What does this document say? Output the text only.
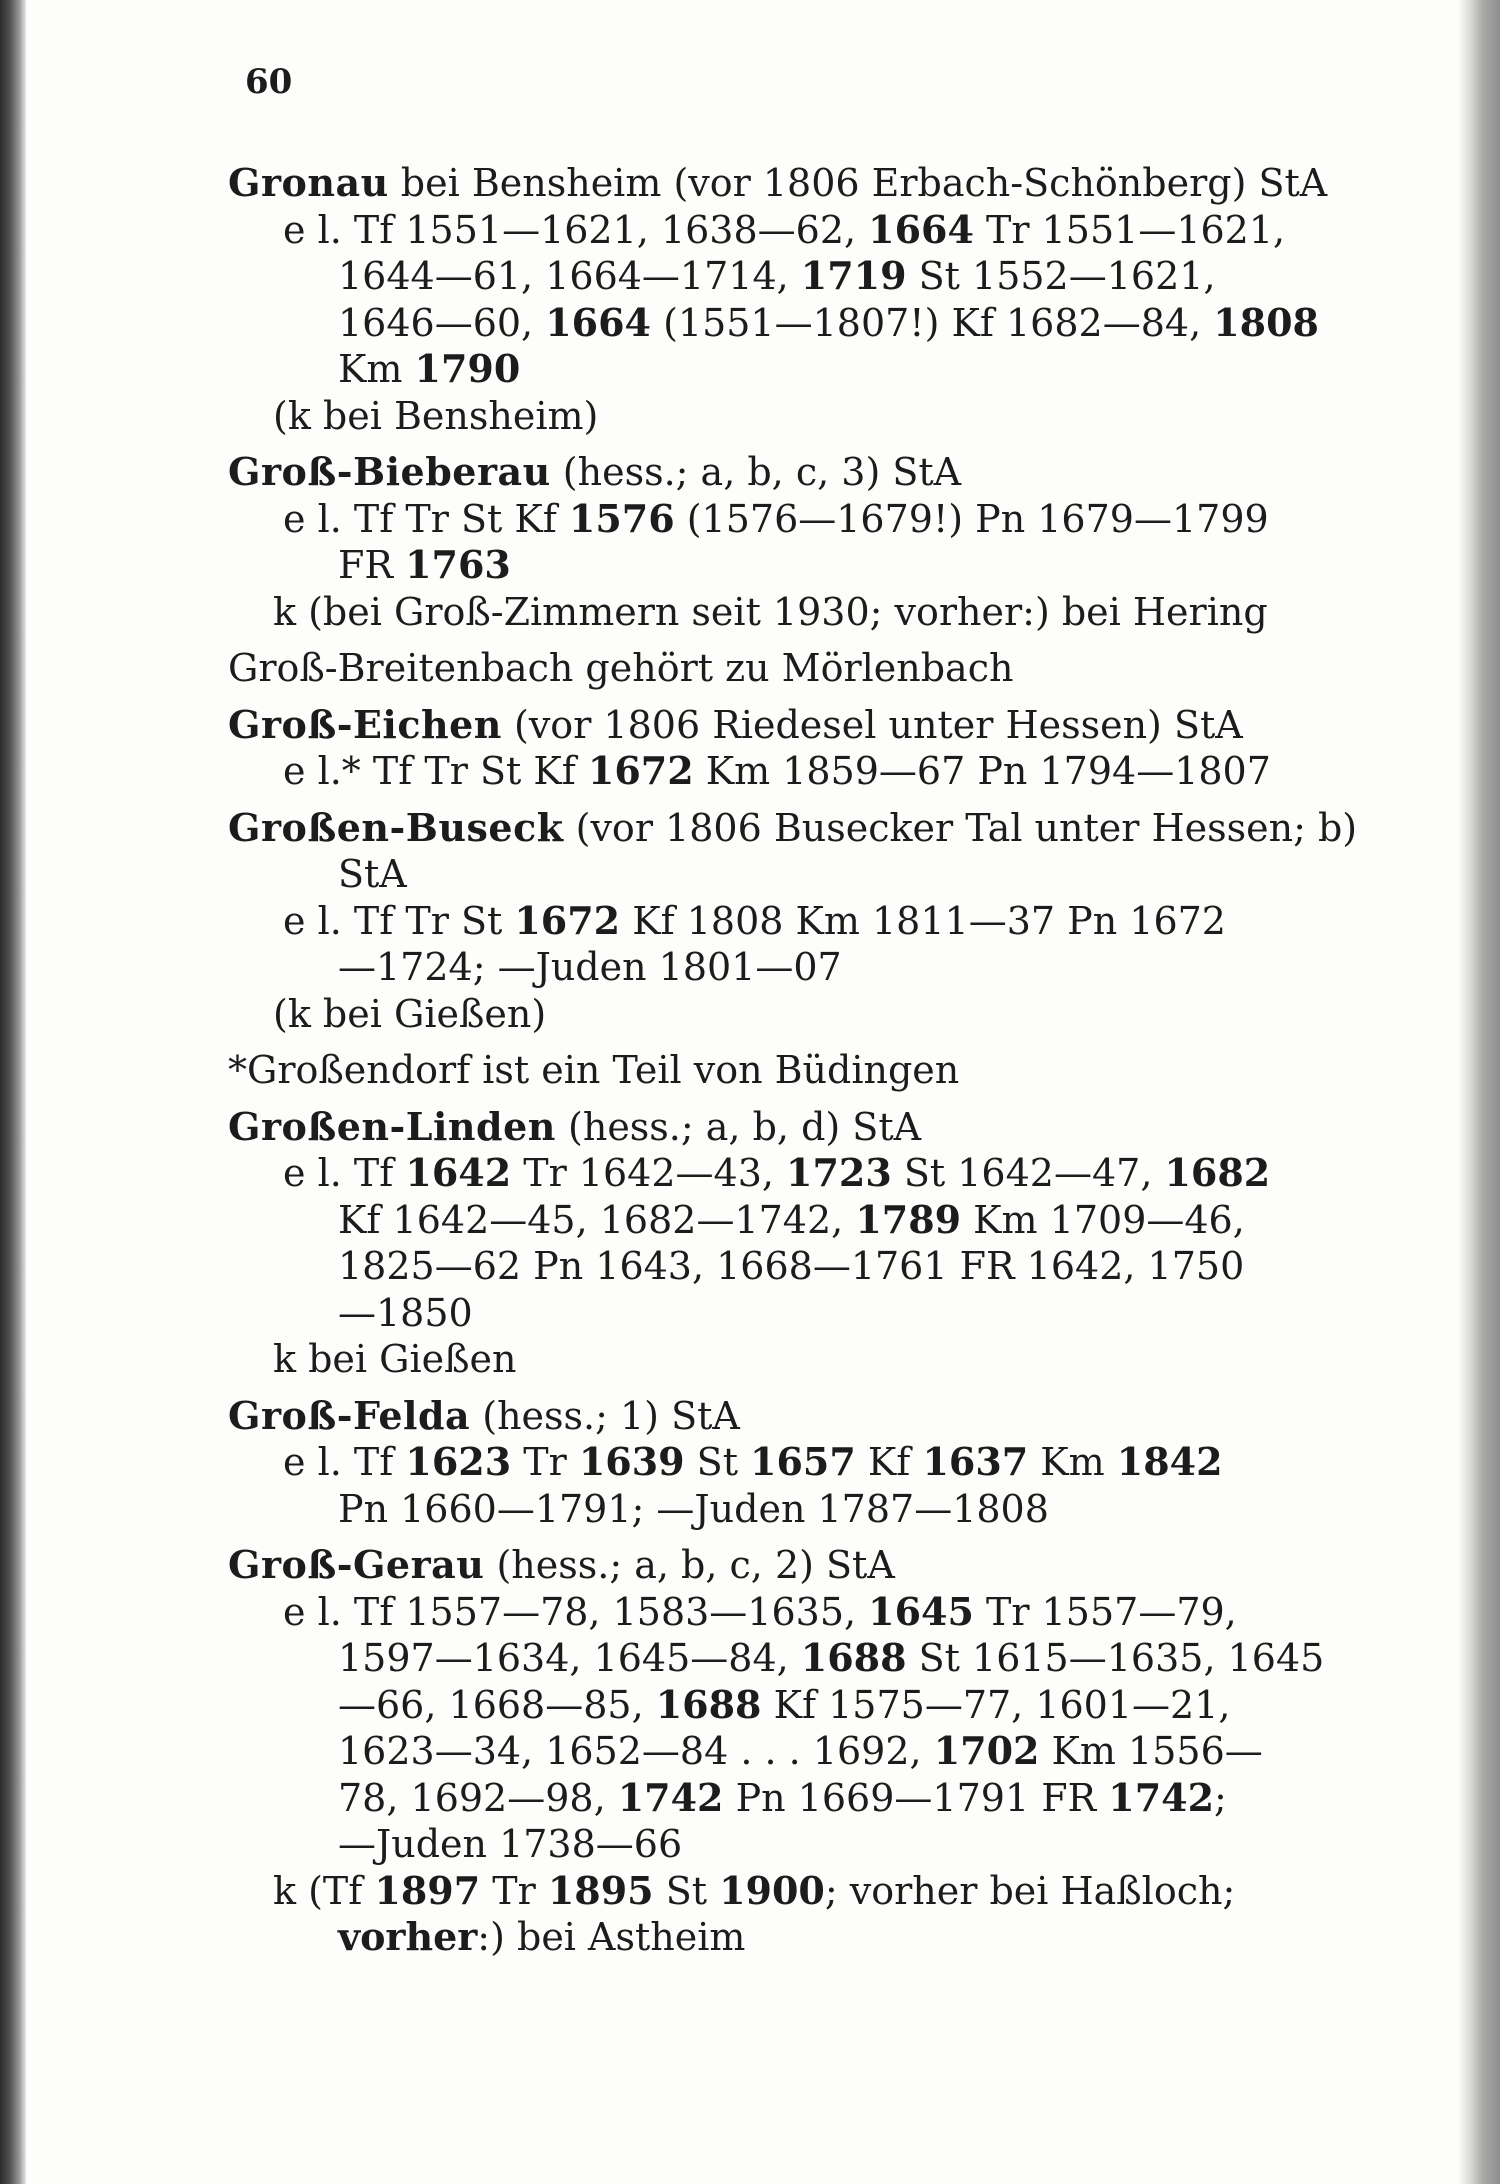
60
Gronau bei Bensheim (vor 1806 Erbach-Schönberg) StA
e l. Tf 1551—1621, 1638—62, 1664 Tr 1551—1621,
1644—61, 1664—1714, 1719 St 1552—1621,
1646—60, 1664 (1551—1807!) Kf 1682—84, 1808
Km 1790
(k bei Bensheim)
Groß-Bieberau (hess.; a, b, c, 3) StA
e l. Tf Tr St Kf 1576 (1576—1679!) Pn 1679—1799
FR 1763
k (bei Groß-Zimmern seit 1930; vorher:) bei Hering
Groß-Breitenbach gehört zu Mörlenbach
Groß-Eichen (vor 1806 Riedesel unter Hessen) StA
e l.* Tf Tr St Kf 1672 Km 1859—67 Pn 1794—1807
Großen-Buseck (vor 1806 Busecker Tal unter Hessen; b)
StA
e l. Tf Tr St 1672 Kf 1808 Km 1811—37 Pn 1672
—1724; —Juden 1801—07
(k bei Gießen)
*Großendorf ist ein Teil von Büdingen
Großen-Linden (hess.; a, b, d) StA
e l. Tf 1642 Tr 1642—43, 1723 St 1642—47, 1682
Kf 1642—45, 1682—1742, 1789 Km 1709—46,
1825—62 Pn 1643, 1668—1761 FR 1642, 1750
—1850
k bei Gießen
Groß-Felda (hess.; 1) StA
e l. Tf 1623 Tr 1639 St 1657 Kf 1637 Km 1842
Pn 1660—1791; —Juden 1787—1808
Groß-Gerau (hess.; a, b, c, 2) StA
e l. Tf 1557—78, 1583—1635, 1645 Tr 1557—79,
1597—1634, 1645—84, 1688 St 1615—1635, 1645
—66, 1668—85, 1688 Kf 1575—77, 1601—21,
1623—34, 1652—84 . . . 1692, 1702 Km 1556—
78, 1692—98, 1742 Pn 1669—1791 FR 1742;
—Juden 1738—66
k (Tf 1897 Tr 1895 St 1900; vorher bei Haßloch;
vorher:) bei Astheim
